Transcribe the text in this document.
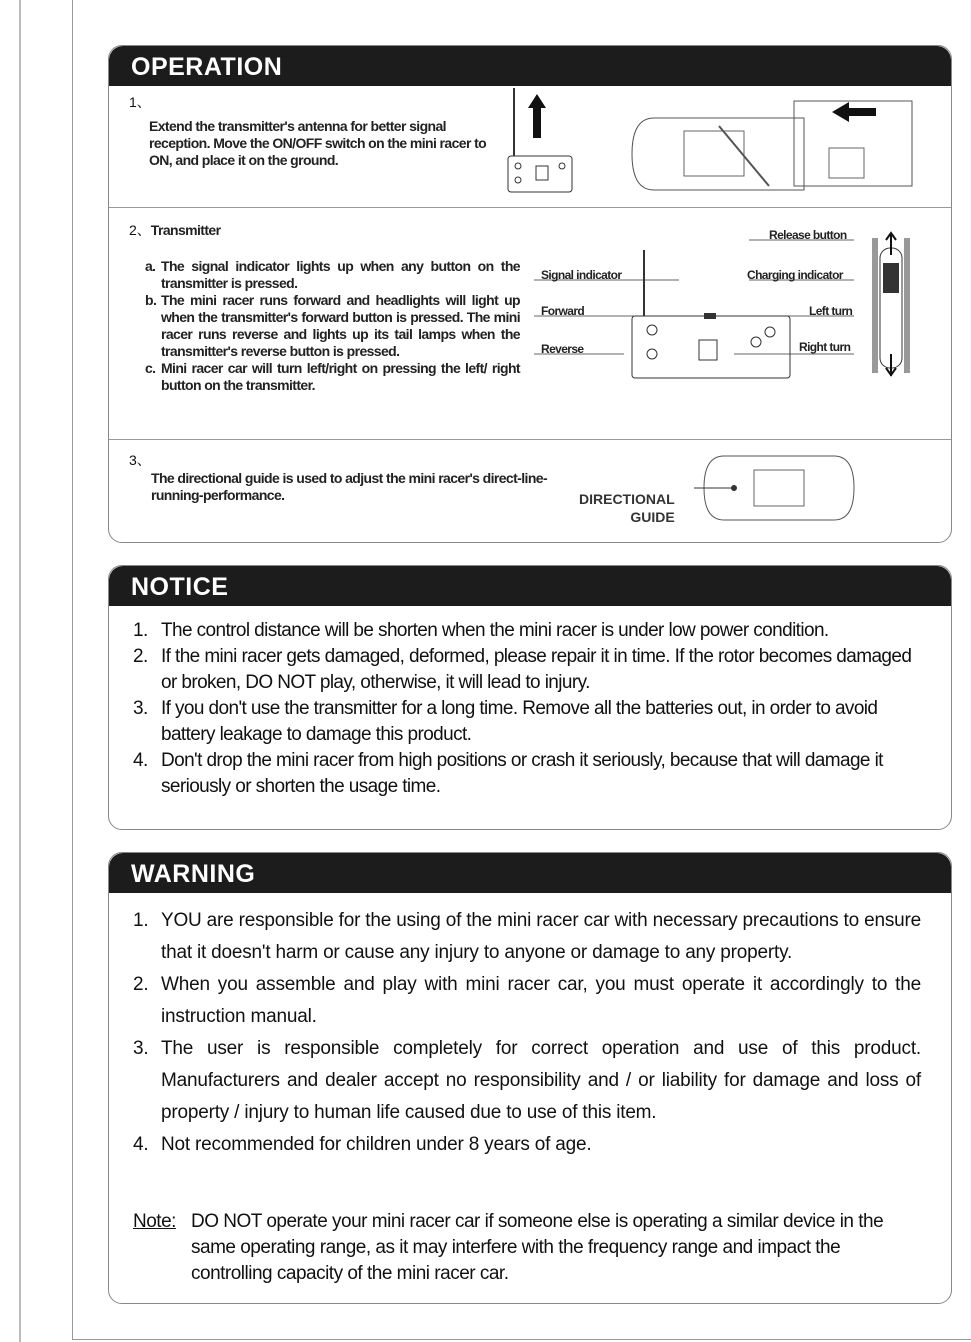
OPERATION
1、
Extend the transmitter's antenna for better signal reception. Move the ON/OFF switch on the mini racer to ON, and place it on the ground.
2、Transmitter
a. The signal indicator lights up when any button on the transmitter is pressed.
b. The mini racer runs forward and headlights will light up when the transmitter's forward button is pressed. The mini racer runs reverse and lights up its tail lamps when the transmitter's reverse button is pressed.
c. Mini racer car will turn left/right on pressing the left/ right button on the transmitter.
Release button
Signal indicator	Charging indicator
Forward	Left turn
Reverse	Right turn
3、
The directional guide is used to adjust the mini racer's direct-line-running-performance.	DIRECTIONAL
GUIDE
NOTICE
1. The control distance will be shorten when the mini racer is under low power condition.
2. If the mini racer gets damaged, deformed, please repair it in time. If the rotor becomes damaged or broken, DO NOT play, otherwise, it will lead to injury.
3. If you don't use the transmitter for a long time. Remove all the batteries out, in order to avoid battery leakage to damage this product.
4. Don't drop the mini racer from high positions or crash it seriously, because that will damage it seriously or shorten the usage time.
WARNING
1. YOU are responsible for the using of the mini racer car with necessary precautions to ensure that it doesn't harm or cause any injury to anyone or damage to any property.
2. When you assemble and play with mini racer car, you must operate it accordingly to the instruction manual.
3. The user is responsible completely for correct operation and use of this product. Manufacturers and dealer accept no responsibility and / or liability for damage and loss of property / injury to human life caused due to use of this item.
4. Not recommended for children under 8 years of age.
Note: DO NOT operate your mini racer car if someone else is operating a similar device in the same operating range, as it may interfere with the frequency range and impact the controlling capacity of the mini racer car.
